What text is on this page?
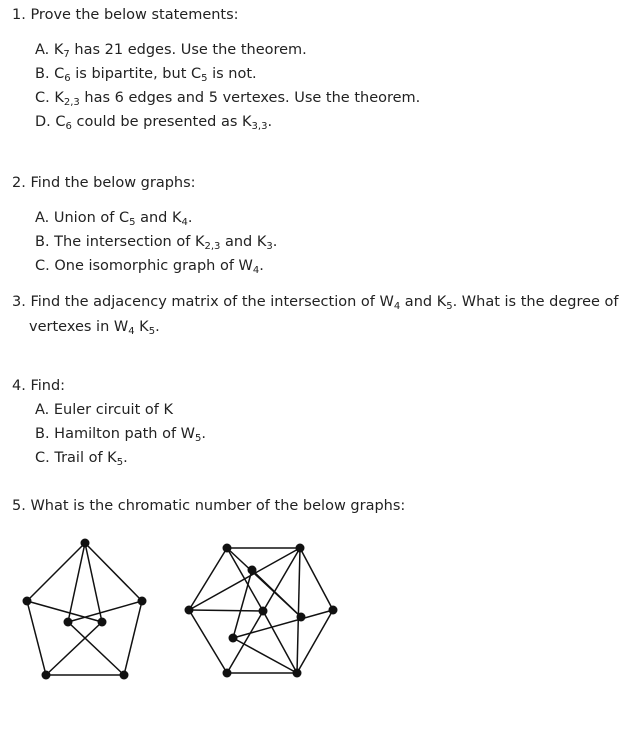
1. Prove the below statements:
A. $K_7$ has 21 edges. Use the theorem.
B. $C_6$ is bipartite, but $C_5$ is not.
C. $K_{2,3}$ has 6 edges and 5 vertexes. Use the theorem.
D. $C_6$ could be presented as $K_{3,3}$.
2. Find the below graphs:
A. Union of $C_5$ and $K_4$.
B. The intersection of $K_{2,3}$ and $K_3$.
C. One isomorphic graph of $W_4$.
3. Find the adjacency matrix of the intersection of $W_4$ and $K_5$. What is the degree of
vertexes in $W_4$ $K_5$.
4. Find:
A. Euler circuit of K
B. Hamilton path of $W_5$.
C. Trail of $K_5$.
5. What is the chromatic number of the below graphs:
